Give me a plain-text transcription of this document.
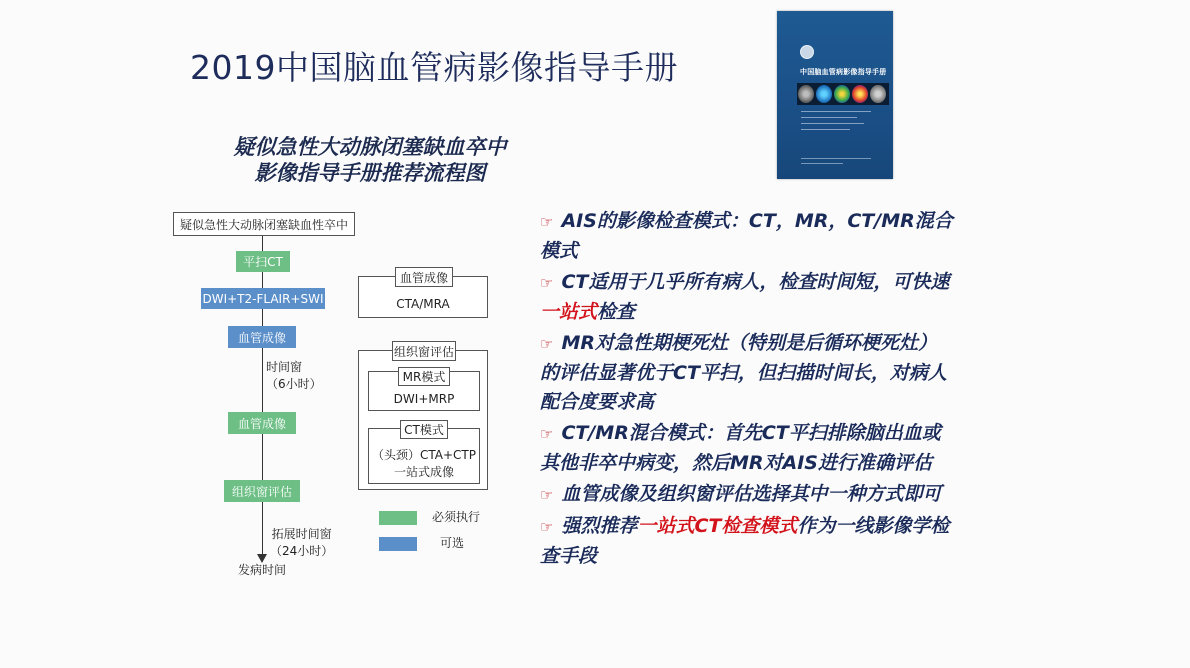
2019中国脑血管病影像指导手册	中国脑血管病影像指导手册
疑似急性大动脉闭塞缺血卒中
影像指导手册推荐流程图
疑似急性大动脉闭塞缺血性卒中
平扫CT
DWI+T2-FLAIR+SWI
血管成像
时间窗
（6小时）
血管成像
组织窗评估
拓展时间窗
（24小时）
发病时间
血管成像
CTA/MRA
组织窗评估
MR模式
DWI+MRP
CT模式
（头颈）CTA+CTP
一站式成像
必须执行
可选
☞ AIS的影像检查模式：CT，MR，CT/MR混合
模式
☞ CT适用于几乎所有病人，检查时间短，可快速
一站式检查
☞ MR对急性期梗死灶（特别是后循环梗死灶）
的评估显著优于CT平扫，但扫描时间长，对病人
配合度要求高
☞ CT/MR混合模式：首先CT平扫排除脑出血或
其他非卒中病变，然后MR对AIS进行准确评估
☞ 血管成像及组织窗评估选择其中一种方式即可
☞ 强烈推荐一站式CT检查模式作为一线影像学检
查手段
